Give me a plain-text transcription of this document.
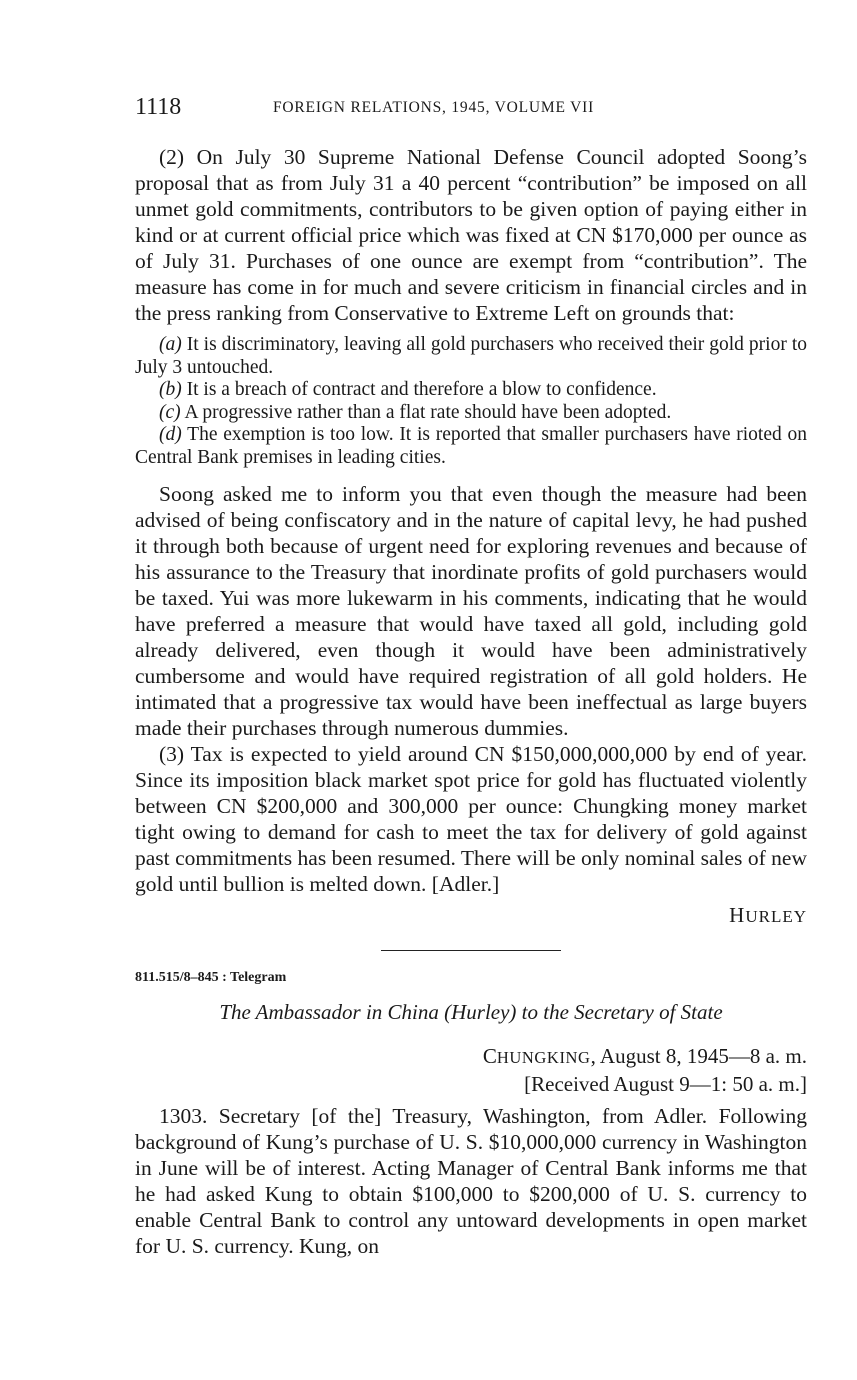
1118	FOREIGN RELATIONS, 1945, VOLUME VII

(2) On July 30 Supreme National Defense Council adopted Soong’s proposal that as from July 31 a 40 percent “contribution” be imposed on all unmet gold commitments, contributors to be given option of paying either in kind or at current official price which was fixed at CN $170,000 per ounce as of July 31. Purchases of one ounce are exempt from “contribution”. The measure has come in for much and severe criticism in financial circles and in the press ranking from Conservative to Extreme Left on grounds that:

(a) It is discriminatory, leaving all gold purchasers who received their gold prior to July 3 untouched.

(b) It is a breach of contract and therefore a blow to confidence.

(c) A progressive rather than a flat rate should have been adopted.

(d) The exemption is too low. It is reported that smaller purchasers have rioted on Central Bank premises in leading cities.

Soong asked me to inform you that even though the measure had been advised of being confiscatory and in the nature of capital levy, he had pushed it through both because of urgent need for exploring revenues and because of his assurance to the Treasury that inordinate profits of gold purchasers would be taxed. Yui was more lukewarm in his comments, indicating that he would have preferred a measure that would have taxed all gold, including gold already delivered, even though it would have been administratively cumbersome and would have required registration of all gold holders. He intimated that a progressive tax would have been ineffectual as large buyers made their purchases through numerous dummies.

(3) Tax is expected to yield around CN $150,000,000,000 by end of year. Since its imposition black market spot price for gold has fluctuated violently between CN $200,000 and 300,000 per ounce: Chungking money market tight owing to demand for cash to meet the tax for delivery of gold against past commitments has been resumed. There will be only nominal sales of new gold until bullion is melted down. [Adler.]

HURLEY
811.515/8–845 : Telegram
The Ambassador in China (Hurley) to the Secretary of State
CHUNGKING, August 8, 1945—8 a. m.
[Received August 9—1: 50 a. m.]

1303. Secretary [of the] Treasury, Washington, from Adler. Following background of Kung’s purchase of U. S. $10,000,000 currency in Washington in June will be of interest. Acting Manager of Central Bank informs me that he had asked Kung to obtain $100,000 to $200,000 of U. S. currency to enable Central Bank to control any untoward developments in open market for U. S. currency. Kung, on
